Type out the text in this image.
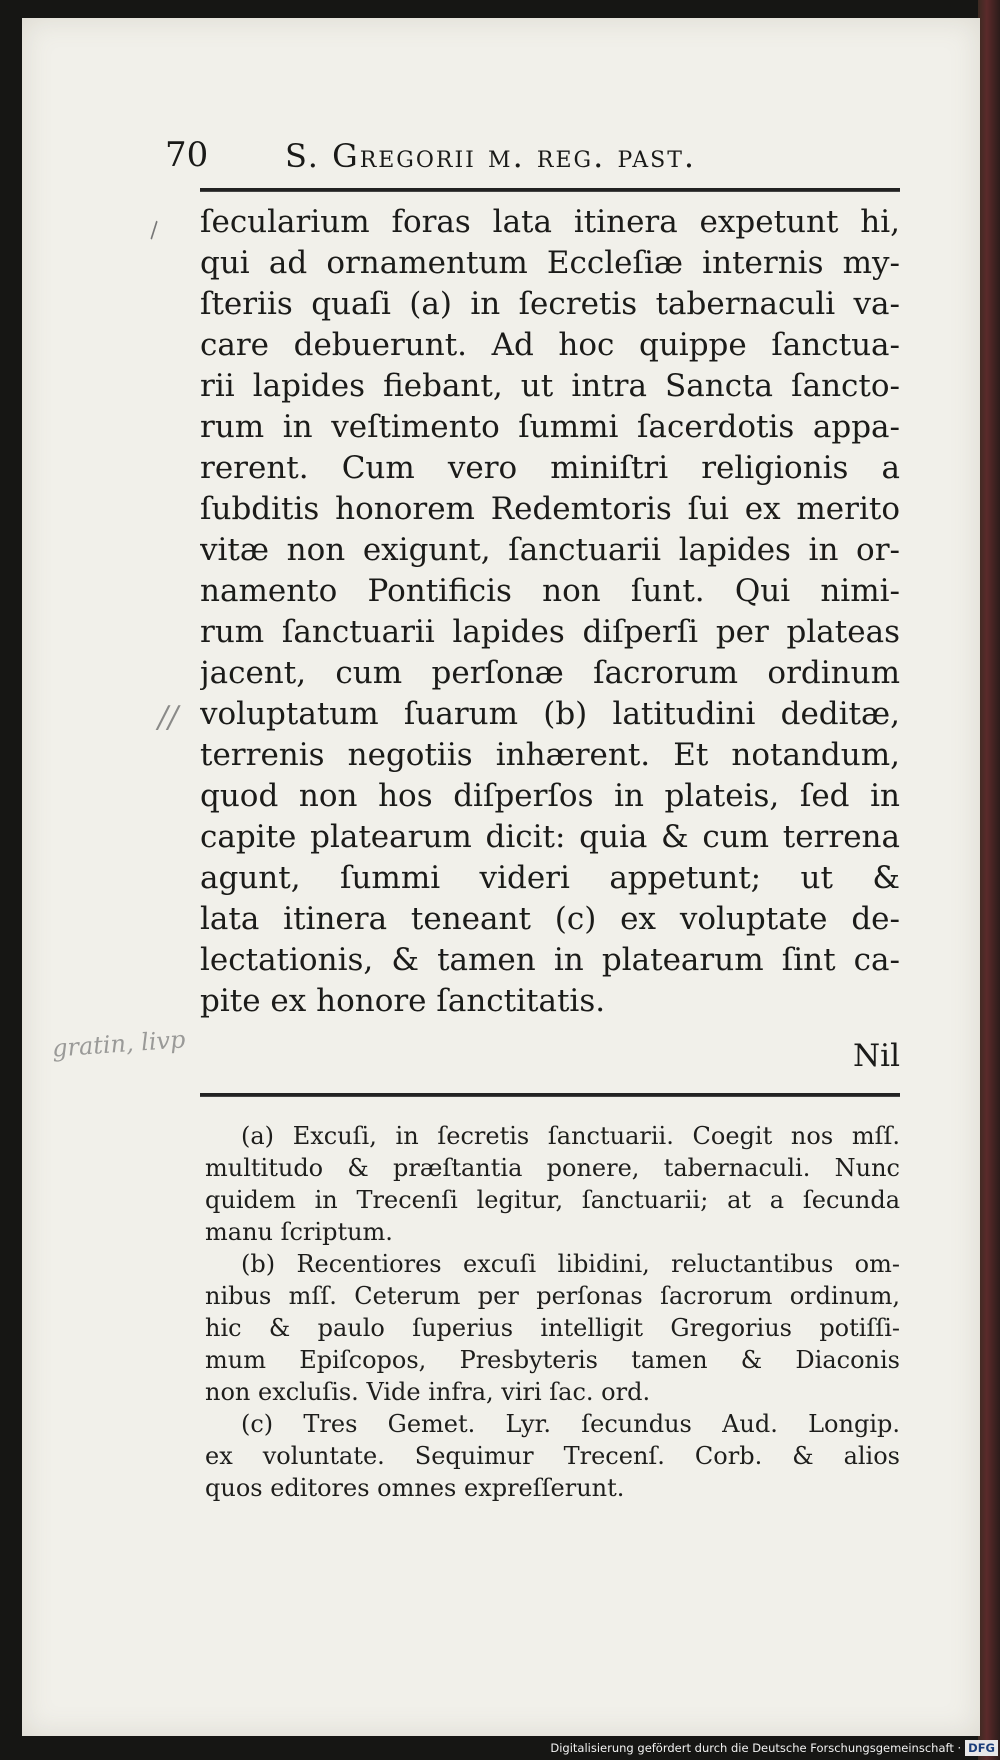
70 S. Gregorii m. reg. past.
\ ſecularium foras lata itinera expetunt hi,
qui ad ornamentum Eccleſiæ internis my-
ſteriis quaſi (a) in ſecretis tabernaculi va-
care debuerunt. Ad hoc quippe ſanctua-
rii lapides fiebant, ut intra Sancta ſancto-
rum in veſtimento ſummi ſacerdotis appa-
rerent. Cum vero miniſtri religionis a
ſubditis honorem Redemtoris ſui ex merito
vitæ non exigunt, ſanctuarii lapides in or-
namento Pontificis non ſunt. Qui nimi-
rum ſanctuarii lapides diſperſi per plateas
jacent, cum perſonæ ſacrorum ordinum
voluptatum ſuarum (b) latitudini deditæ,
terrenis negotiis inhærent. Et notandum,
quod non hos diſperſos in plateis, ſed in
capite platearum dicit: quia & cum terrena
agunt, ſummi videri appetunt; ut &
lata itinera teneant (c) ex voluptate de-
lectationis, & tamen in platearum ſint ca-
pite ex honore ſanctitatis.
//
gratin, livp	Nil
(a) Excuſi, in ſecretis ſanctuarii. Coegit nos mſſ.
multitudo & præſtantia ponere, tabernaculi. Nunc
quidem in Trecenſi legitur, ſanctuarii; at a ſecunda
manu ſcriptum.
(b) Recentiores excuſi libidini, reluctantibus om-
nibus mſſ. Ceterum per perſonas ſacrorum ordinum,
hic & paulo ſuperius intelligit Gregorius potiſſi-
mum Epiſcopos, Presbyteris tamen & Diaconis
non excluſis. Vide infra, viri ſac. ord.
(c) Tres Gemet. Lyr. ſecundus Aud. Longip.
ex voluntate. Sequimur Trecenſ. Corb. & alios
quos editores omnes expreſſerunt.
Digitalisierung gefördert durch die Deutsche Forschungsgemeinschaft · DFG
